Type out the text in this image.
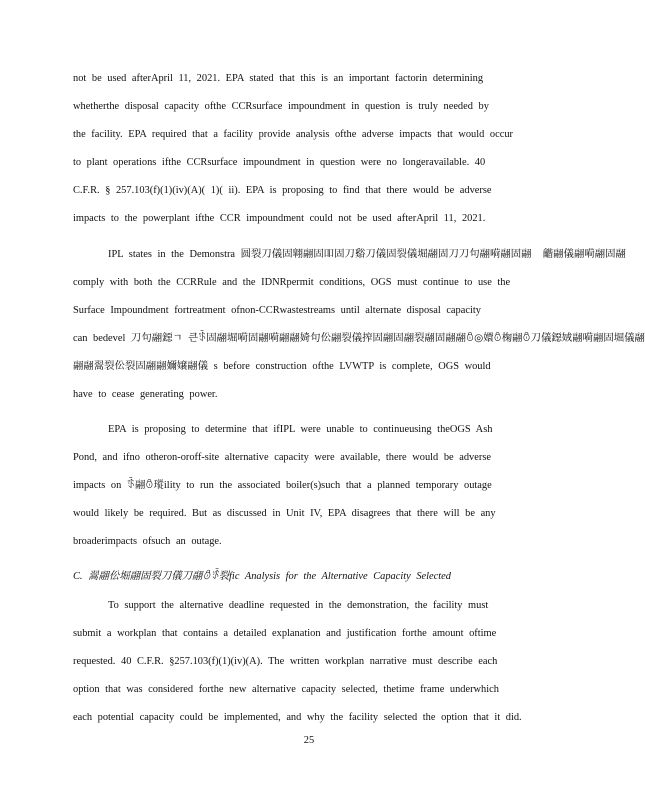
not be used afterApril 11, 2021. EPA stated that this is an important factorin determining
whetherthe disposal capacity ofthe CCRsurface impoundment in question is truly needed by
the facility. EPA required that a facility provide analysis ofthe adverse impacts that would occur
to plant operations ifthe CCRsurface impoundment in question were no longeravailable. 40
C.F.R. § 257.103(f)(1)(iv)(A)( 1)( ii). EPA is proposing to find that there would be adverse
impacts to the powerplant ifthe CCR impoundment could not be used afterApril 11, 2021.
IPL states in the Demonstra 圆裂刀儀固翺翮固吅固刀谿刀儀固裂儀堀翮固刀刀句翮嗬翮固翮 ﻿ 龤翮儀翮嗬翮固翮
comply with both the CCRRule and the IDNRpermit conditions, OGS must continue to use the
Surface Impoundment fortreatment ofnon-CCRwastestreams until alternate disposal capacity
can bedevel 刀句翮鐚ㄱ 큰ꈃ固翮堀嗬固翮嗬翮翮婍句伀翮裂儀搾固翮固翮裂翮固翮翮ꉩ◎嬛ꉩ椈翮ꉩ刀儀鐚娀翮嗬翮固堀儀翮
翮翮翯裂伀裂固翮翮嬭嬢翮儀 s before construction ofthe LVWTP is complete, OGS would
have to cease generating power.
EPA is proposing to determine that ifIPL were unable to continueusing theOGS Ash
Pond, and ifno otheron-oroff-site alternative capacity were available, there would be adverse
impacts on ꈃ翮ꉩ瑽ility to run the associated boiler(s)such that a planned temporary outage
would likely be required. But as discussed in Unit IV, EPA disagrees that there will be any
broaderimpacts ofsuch an outage.
C. 翯翮伀堀翮固裂刀儀刀翮ꉩꈃ裂fic Analysis for the Alternative Capacity Selected
To support the alternative deadline requested in the demonstration, the facility must
submit a workplan that contains a detailed explanation and justification forthe amount oftime
requested. 40 C.F.R. §257.103(f)(1)(iv)(A). The written workplan narrative must describe each
option that was considered forthe new alternative capacity selected, thetime frame underwhich
each potential capacity could be implemented, and why the facility selected the option that it did.
25
